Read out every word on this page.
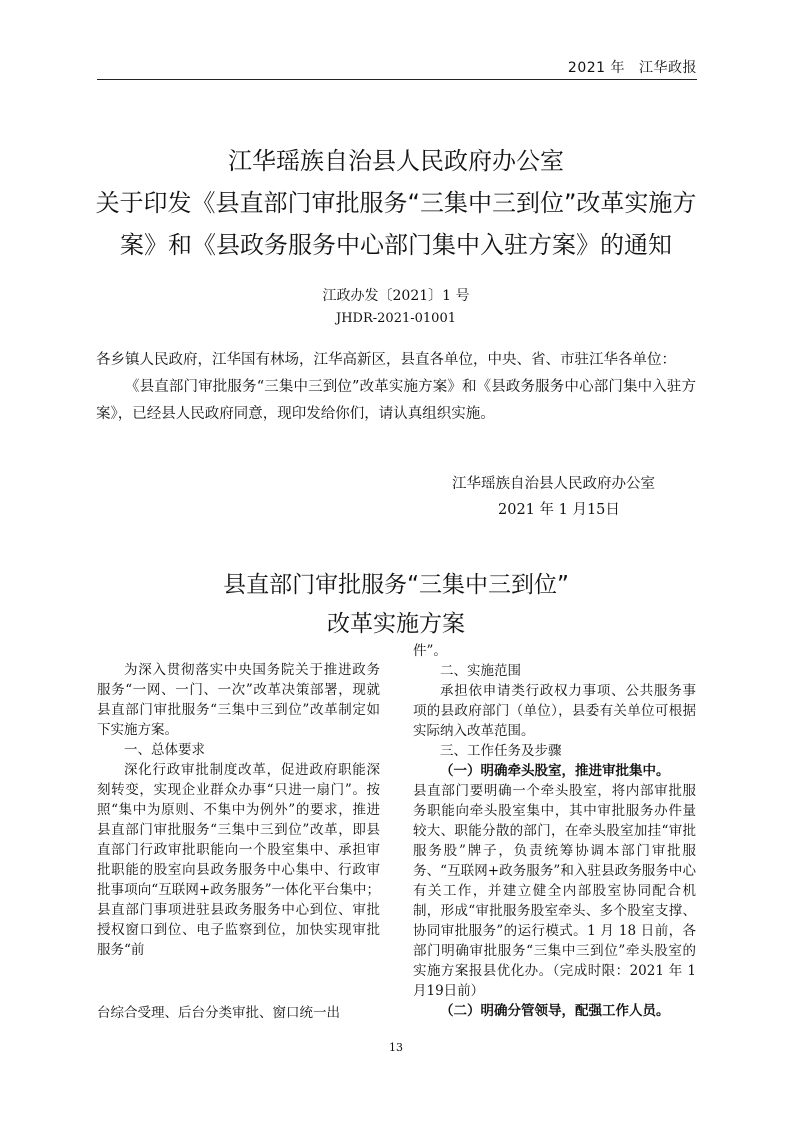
2021 年 江华政报
江华瑶族自治县人民政府办公室
关于印发《县直部门审批服务“三集中三到位”改革实施方
案》和《县政务服务中心部门集中入驻方案》的通知
江政办发〔2021〕1 号
JHDR-2021-01001
各乡镇人民政府，江华国有林场，江华高新区，县直各单位，中央、省、市驻江华各单位：
《县直部门审批服务“三集中三到位”改革实施方案》和《县政务服务中心部门集中入驻方案》，已经县人民政府同意，现印发给你们，请认真组织实施。
江华瑶族自治县人民政府办公室
2021 年 1 月15日
县直部门审批服务“三集中三到位”
改革实施方案

为深入贯彻落实中央国务院关于推进政务服务“一网、一门、一次”改革决策部署，现就县直部门审批服务“三集中三到位”改革制定如下实施方案。

一、总体要求

深化行政审批制度改革，促进政府职能深刻转变，实现企业群众办事“只进一扇门”。按照“集中为原则、不集中为例外”的要求，推进县直部门审批服务“三集中三到位”改革，即县直部门行政审批职能向一个股室集中、承担审批职能的股室向县政务服务中心集中、行政审批事项向“互联网+政务服务”一体化平台集中；县直部门事项进驻县政务服务中心到位、审批授权窗口到位、电子监察到位，加快实现审批服务“前

台综合受理、后台分类审批、窗口统一出

件”。

二、实施范围

承担依申请类行政权力事项、公共服务事项的县政府部门（单位），县委有关单位可根据实际纳入改革范围。

三、工作任务及步骤

（一）明确牵头股室，推进审批集中。

县直部门要明确一个牵头股室，将内部审批服务职能向牵头股室集中，其中审批服务办件量较大、职能分散的部门，在牵头股室加挂“审批服务股”牌子，负责统筹协调本部门审批服务、“互联网+政务服务”和入驻县政务服务中心有关工作，并建立健全内部股室协同配合机制，形成“审批服务股室牵头、多个股室支撑、协同审批服务”的运行模式。1 月 18 日前，各部门明确审批服务“三集中三到位”牵头股室的实施方案报县优化办。（完成时限：2021 年 1 月19日前）

（二）明确分管领导，配强工作人员。

13
